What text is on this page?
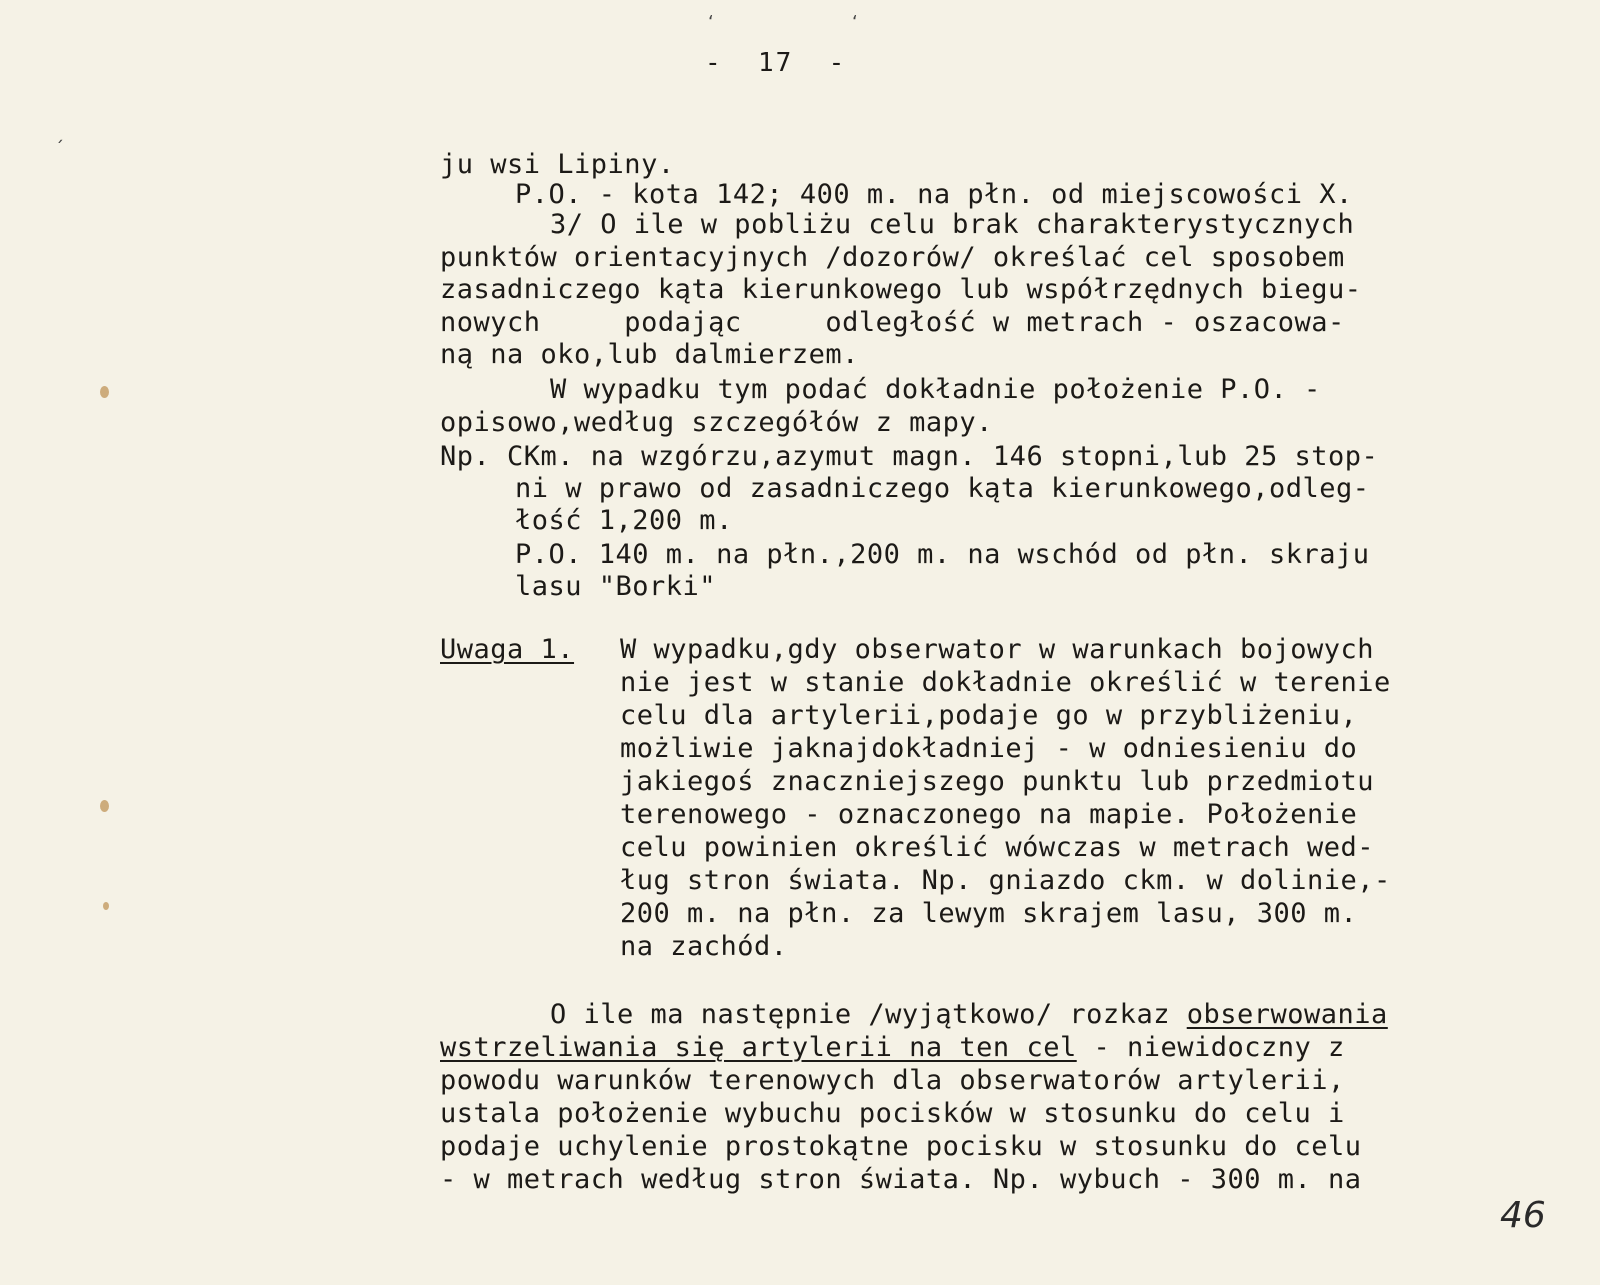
-  17  -
ju wsi Lipiny.
P.O. - kota 142; 400 m. na płn. od miejscowości X.
3/ O ile w pobliżu celu brak charakterystycznych
punktów orientacyjnych /dozorów/ określać cel sposobem
zasadniczego kąta kierunkowego lub współrzędnych biegu-
nowych     podając     odległość w metrach - oszacowa-
ną na oko,lub dalmierzem.
W wypadku tym podać dokładnie położenie P.O. -
opisowo,według szczegółów z mapy.
Np. CKm. na wzgórzu,azymut magn. 146 stopni,lub 25 stop-
ni w prawo od zasadniczego kąta kierunkowego,odleg-
łość 1,200 m.
P.O. 140 m. na płn.,200 m. na wschód od płn. skraju
lasu "Borki"
Uwaga 1. W wypadku,gdy obserwator w warunkach bojowych
nie jest w stanie dokładnie określić w terenie
celu dla artylerii,podaje go w przybliżeniu,
możliwie jaknajdokładniej - w odniesieniu do
jakiegoś znaczniejszego punktu lub przedmiotu
terenowego - oznaczonego na mapie. Położenie
celu powinien określić wówczas w metrach wed-
ług stron świata. Np. gniazdo ckm. w dolinie,-
200 m. na płn. za lewym skrajem lasu, 300 m.
na zachód.
O ile ma następnie /wyjątkowo/ rozkaz obserwowania
wstrzeliwania się artylerii na ten cel - niewidoczny z
powodu warunków terenowych dla obserwatorów artylerii,
ustala położenie wybuchu pocisków w stosunku do celu i
podaje uchylenie prostokątne pocisku w stosunku do celu
- w metrach według stron świata. Np. wybuch - 300 m. na
46
´
‘	‘
